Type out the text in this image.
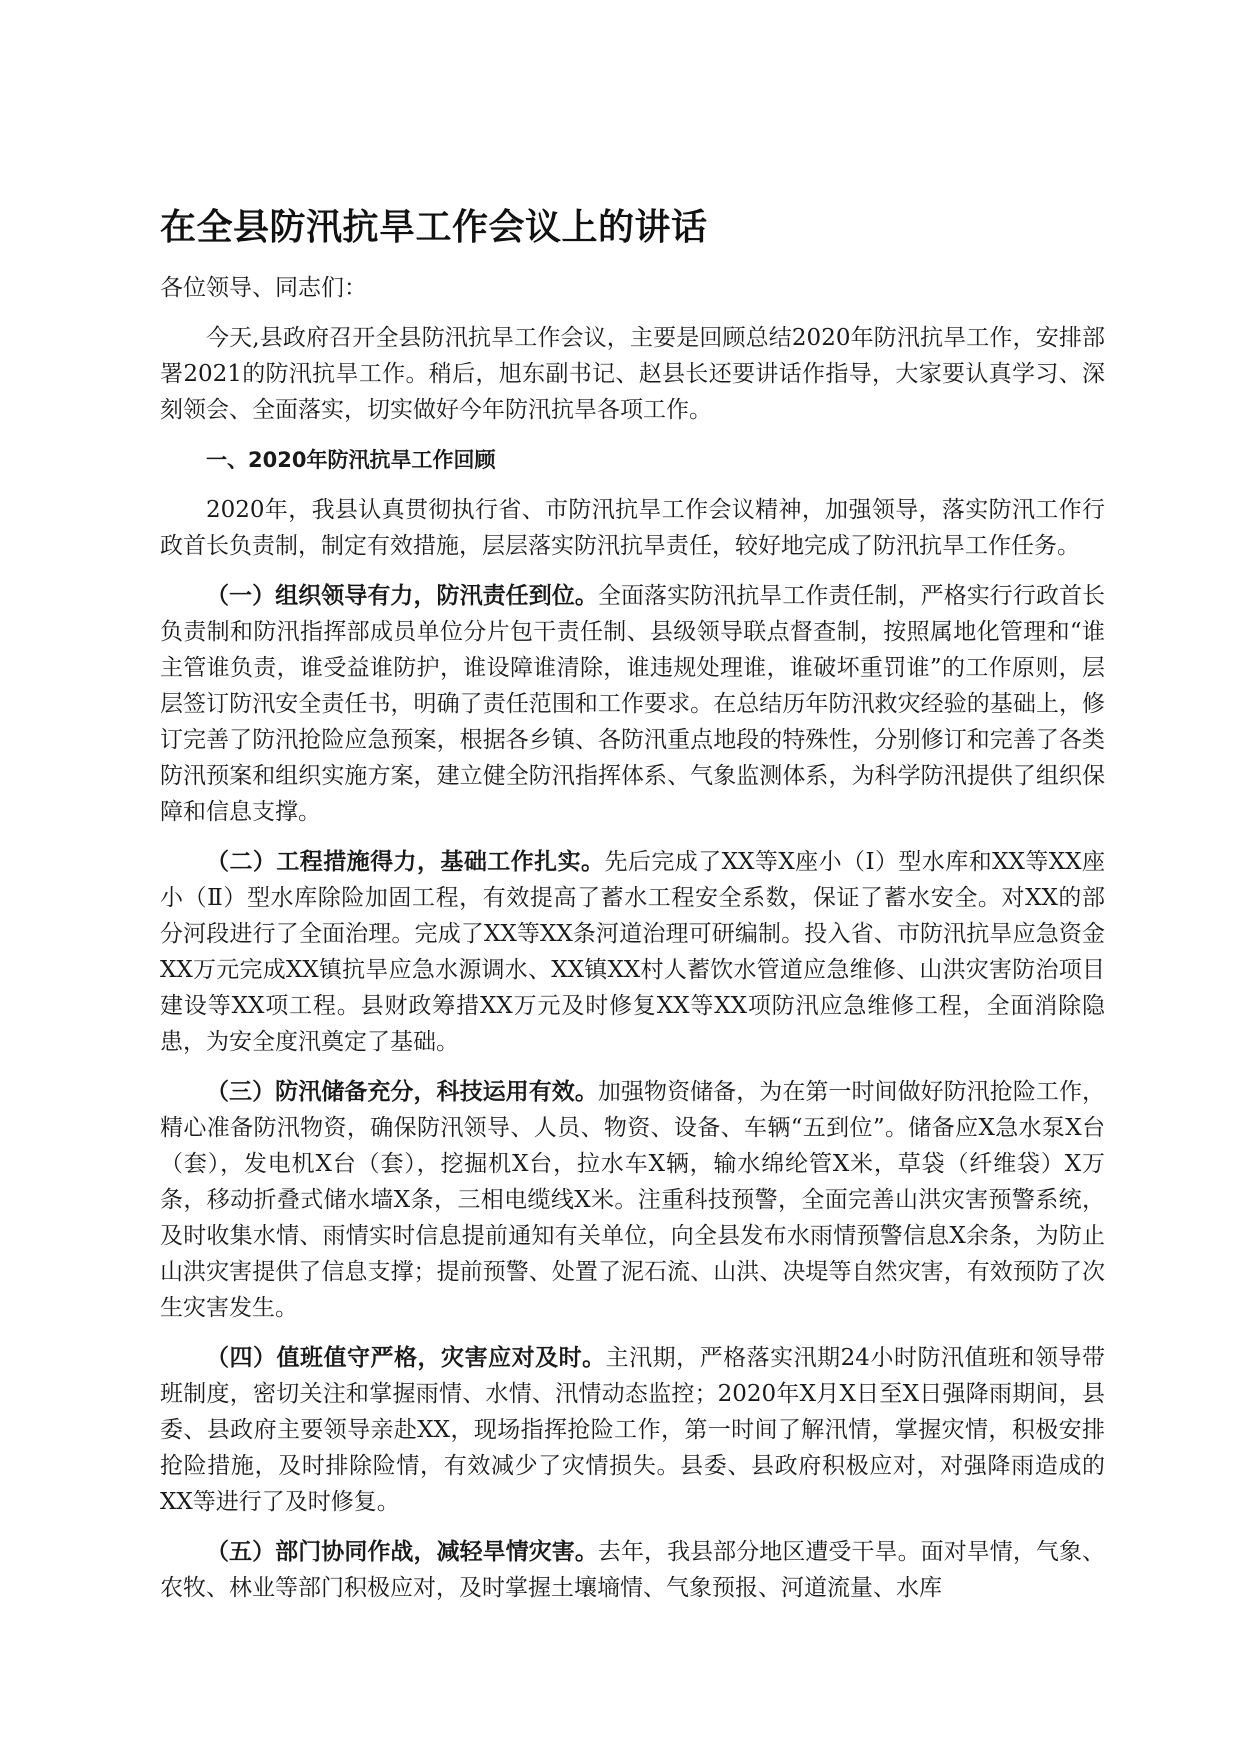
在全县防汛抗旱工作会议上的讲话

各位领导、同志们：

今天,县政府召开全县防汛抗旱工作会议，主要是回顾总结2020年防汛抗旱工作，安排部署2021的防汛抗旱工作。稍后，旭东副书记、赵县长还要讲话作指导，大家要认真学习、深刻领会、全面落实，切实做好今年防汛抗旱各项工作。

一、2020年防汛抗旱工作回顾

2020年，我县认真贯彻执行省、市防汛抗旱工作会议精神，加强领导，落实防汛工作行政首长负责制，制定有效措施，层层落实防汛抗旱责任，较好地完成了防汛抗旱工作任务。

（一）组织领导有力，防汛责任到位。全面落实防汛抗旱工作责任制，严格实行行政首长负责制和防汛指挥部成员单位分片包干责任制、县级领导联点督查制，按照属地化管理和“谁主管谁负责，谁受益谁防护，谁设障谁清除，谁违规处理谁，谁破坏重罚谁”的工作原则，层层签订防汛安全责任书，明确了责任范围和工作要求。在总结历年防汛救灾经验的基础上，修订完善了防汛抢险应急预案，根据各乡镇、各防汛重点地段的特殊性，分别修订和完善了各类防汛预案和组织实施方案，建立健全防汛指挥体系、气象监测体系，为科学防汛提供了组织保障和信息支撑。

（二）工程措施得力，基础工作扎实。先后完成了XX等X座小（Ⅰ）型水库和XX等XX座小（Ⅱ）型水库除险加固工程，有效提高了蓄水工程安全系数，保证了蓄水安全。对XX的部分河段进行了全面治理。完成了XX等XX条河道治理可研编制。投入省、市防汛抗旱应急资金XX万元完成XX镇抗旱应急水源调水、XX镇XX村人蓄饮水管道应急维修、山洪灾害防治项目建设等XX项工程。县财政筹措XX万元及时修复XX等XX项防汛应急维修工程，全面消除隐患，为安全度汛奠定了基础。

（三）防汛储备充分，科技运用有效。加强物资储备，为在第一时间做好防汛抢险工作，精心准备防汛物资，确保防汛领导、人员、物资、设备、车辆“五到位”。储备应X急水泵X台（套），发电机X台（套），挖掘机X台，拉水车X辆，输水绵纶管X米，草袋（纤维袋）X万条，移动折叠式储水墙X条，三相电缆线X米。注重科技预警，全面完善山洪灾害预警系统，及时收集水情、雨情实时信息提前通知有关单位，向全县发布水雨情预警信息X余条，为防止山洪灾害提供了信息支撑；提前预警、处置了泥石流、山洪、决堤等自然灾害，有效预防了次生灾害发生。

（四）值班值守严格，灾害应对及时。主汛期，严格落实汛期24小时防汛值班和领导带班制度，密切关注和掌握雨情、水情、汛情动态监控；2020年X月X日至X日强降雨期间，县委、县政府主要领导亲赴XX，现场指挥抢险工作，第一时间了解汛情，掌握灾情，积极安排抢险措施，及时排除险情，有效减少了灾情损失。县委、县政府积极应对，对强降雨造成的XX等进行了及时修复。

（五）部门协同作战，减轻旱情灾害。去年，我县部分地区遭受干旱。面对旱情，气象、农牧、林业等部门积极应对，及时掌握土壤墒情、气象预报、河道流量、水库
